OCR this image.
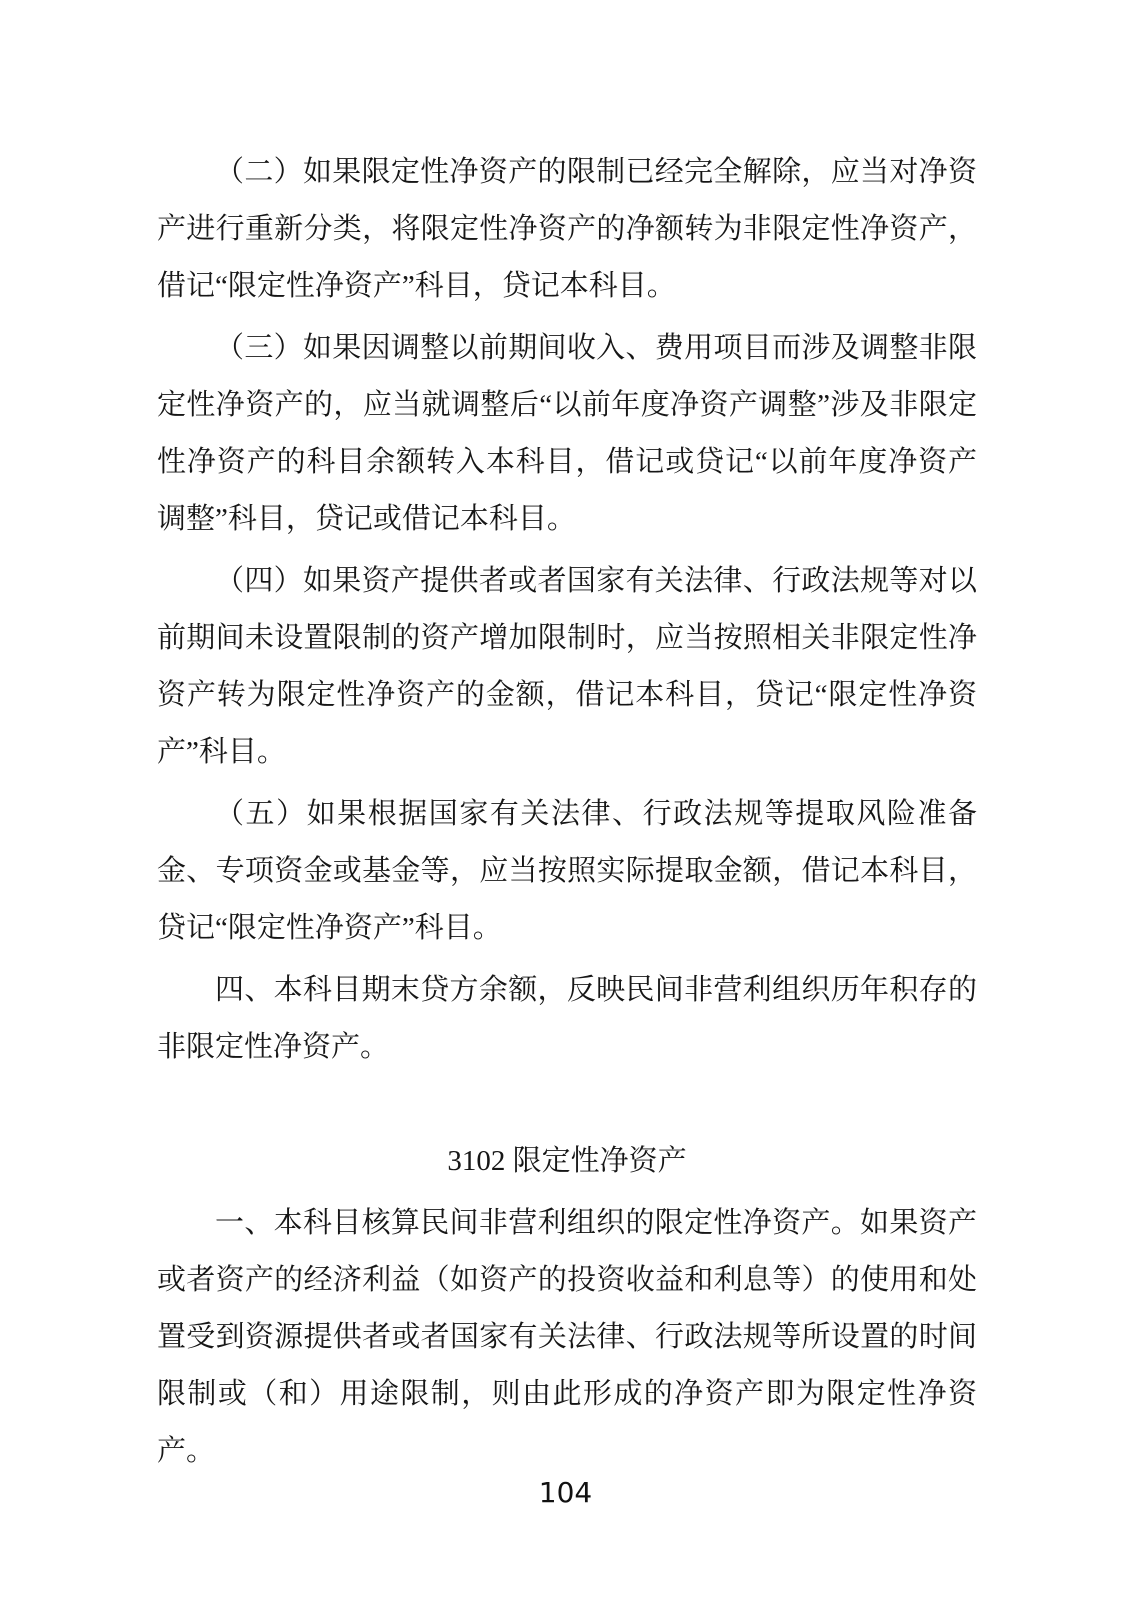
（二）如果限定性净资产的限制已经完全解除，应当对净资产进行重新分类，将限定性净资产的净额转为非限定性净资产，借记“限定性净资产”科目，贷记本科目。

（三）如果因调整以前期间收入、费用项目而涉及调整非限定性净资产的，应当就调整后“以前年度净资产调整”涉及非限定性净资产的科目余额转入本科目，借记或贷记“以前年度净资产调整”科目，贷记或借记本科目。

（四）如果资产提供者或者国家有关法律、行政法规等对以前期间未设置限制的资产增加限制时，应当按照相关非限定性净资产转为限定性净资产的金额，借记本科目，贷记“限定性净资产”科目。

（五）如果根据国家有关法律、行政法规等提取风险准备金、专项资金或基金等，应当按照实际提取金额，借记本科目，贷记“限定性净资产”科目。

四、本科目期末贷方余额，反映民间非营利组织历年积存的非限定性净资产。

3102 限定性净资产

一、本科目核算民间非营利组织的限定性净资产。如果资产或者资产的经济利益（如资产的投资收益和利息等）的使用和处置受到资源提供者或者国家有关法律、行政法规等所设置的时间限制或（和）用途限制，则由此形成的净资产即为限定性净资产。

104
